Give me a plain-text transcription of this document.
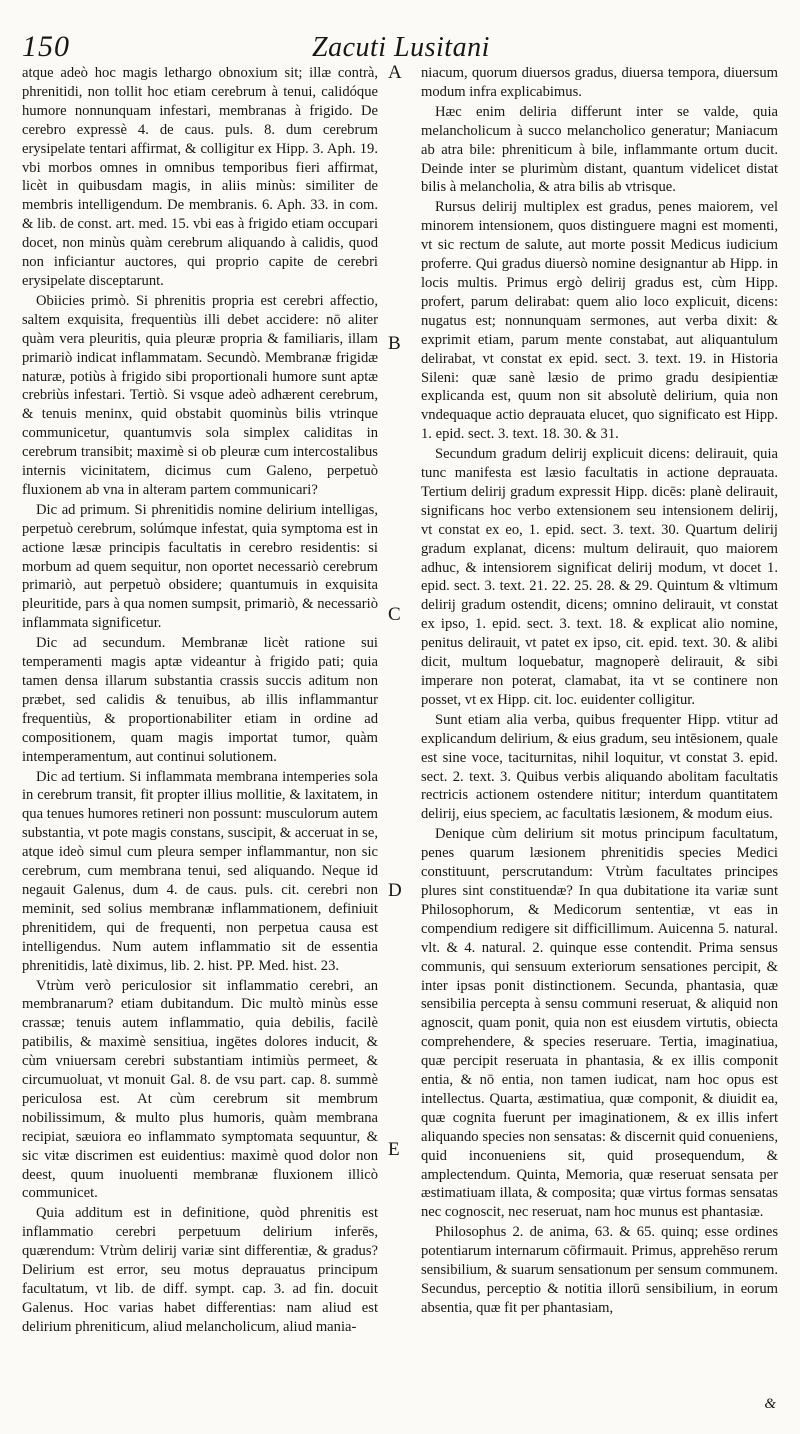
150	Zacuti Lusitani

atque adeò hoc magis lethargo obnoxium sit; illæ contrà, phrenitidi, non tollit hoc etiam cerebrum à tenui, calidóque humore nonnunquam infestari, membranas à frigido. De cerebro expressè 4. de caus. puls. 8. dum cerebrum erysipelate tentari affirmat, & colligitur ex Hipp. 3. Aph. 19. vbi morbos omnes in omnibus temporibus fieri affirmat, licèt in quibusdam magis, in aliis minùs: similiter de membris intelligendum. De membranis. 6. Aph. 33. in com. & lib. de const. art. med. 15. vbi eas à frigido etiam occupari docet, non minùs quàm cerebrum aliquando à calidis, quod non inficiantur auctores, qui proprio capite de cerebri erysipelate disceptarunt.

Obiicies primò. Si phrenitis propria est cerebri affectio, saltem exquisita, frequentiùs illi debet accidere: nō aliter quàm vera pleuritis, quia pleuræ propria & familiaris, illam primariò indicat inflammatam. Secundò. Membranæ frigidæ naturæ, potiùs à frigido sibi proportionali humore sunt aptæ crebriùs infestari. Tertiò. Si vsque adeò adhærent cerebrum, & tenuis meninx, quid obstabit quominùs bilis vtrinque communicetur, quantumvis sola simplex caliditas in cerebrum transibit; maximè si ob pleuræ cum intercostalibus internis vicinitatem, dicimus cum Galeno, perpetuò fluxionem ab vna in alteram partem communicari?

Dic ad primum. Si phrenitidis nomine delirium intelligas, perpetuò cerebrum, solúmque infestat, quia symptoma est in actione læsæ principis facultatis in cerebro residentis: si morbum ad quem sequitur, non oportet necessariò cerebrum primariò, aut perpetuò obsidere; quantumuis in exquisita pleuritide, pars à qua nomen sumpsit, primariò, & necessariò inflammata significetur.

Dic ad secundum. Membranæ licèt ratione sui temperamenti magis aptæ videantur à frigido pati; quia tamen densa illarum substantia crassis succis aditum non præbet, sed calidis & tenuibus, ab illis inflammantur frequentiùs, & proportionabiliter etiam in ordine ad compositionem, quam magis importat tumor, quàm intemperamentum, aut continui solutionem.

Dic ad tertium. Si inflammata membrana intemperies sola in cerebrum transit, fit propter illius mollitie, & laxitatem, in qua tenues humores retineri non possunt: musculorum autem substantia, vt pote magis constans, suscipit, & acceruat in se, atque ideò simul cum pleura semper inflammantur, non sic cerebrum, cum membrana tenui, sed aliquando. Neque id negauit Galenus, dum 4. de caus. puls. cit. cerebri non meminit, sed solius membranæ inflammationem, definiuit phrenitidem, qui de frequenti, non perpetua causa est intelligendus. Num autem inflammatio sit de essentia phrenitidis, latè diximus, lib. 2. hist. PP. Med. hist. 23.

Vtrùm verò periculosior sit inflammatio cerebri, an membranarum? etiam dubitandum. Dic multò minùs esse crassæ; tenuis autem inflammatio, quia debilis, facilè patibilis, & maximè sensitiua, ingētes dolores inducit, & cùm vniuersam cerebri substantiam intimiùs permeet, & circumuoluat, vt monuit Gal. 8. de vsu part. cap. 8. summè periculosa est. At cùm cerebrum sit membrum nobilissimum, & multo plus humoris, quàm membrana recipiat, sæuiora eo inflammato symptomata sequuntur, & sic vitæ discrimen est euidentius: maximè quod dolor non deest, quum inuoluenti membranæ fluxionem illicò communicet.

Quia additum est in definitione, quòd phrenitis est inflammatio cerebri perpetuum delirium inferēs, quærendum: Vtrùm delirij variæ sint differentiæ, & gradus? Delirium est error, seu motus deprauatus principum facultatum, vt lib. de diff. sympt. cap. 3. ad fin. docuit Galenus. Hoc varias habet differentias: nam aliud est delirium phreniticum, aliud melancholicum, aliud mania-

A
B
C
D
E

niacum, quorum diuersos gradus, diuersa tempora, diuersum modum infra explicabimus.

Hæc enim deliria differunt inter se valde, quia melancholicum à succo melancholico generatur; Maniacum ab atra bile: phreniticum à bile, inflammante ortum ducit. Deinde inter se plurimùm distant, quantum videlicet distat bilis à melancholia, & atra bilis ab vtrisque.

Rursus delirij multiplex est gradus, penes maiorem, vel minorem intensionem, quos distinguere magni est momenti, vt sic rectum de salute, aut morte possit Medicus iudicium proferre. Qui gradus diuersò nomine designantur ab Hipp. in locis multis. Primus ergò delirij gradus est, cùm Hipp. profert, parum delirabat: quem alio loco explicuit, dicens: nugatus est; nonnunquam sermones, aut verba dixit: & exprimit etiam, parum mente constabat, aut aliquantulum delirabat, vt constat ex epid. sect. 3. text. 19. in Historia Sileni: quæ sanè læsio de primo gradu desipientiæ explicanda est, quum non sit absolutè delirium, quia non vndequaque actio deprauata elucet, quo significato est Hipp. 1. epid. sect. 3. text. 18. 30. & 31.

Secundum gradum delirij explicuit dicens: delirauit, quia tunc manifesta est læsio facultatis in actione deprauata. Tertium delirij gradum expressit Hipp. dicēs: planè delirauit, significans hoc verbo extensionem seu intensionem delirij, vt constat ex eo, 1. epid. sect. 3. text. 30. Quartum delirij gradum explanat, dicens: multum delirauit, quo maiorem adhuc, & intensiorem significat delirij modum, vt docet 1. epid. sect. 3. text. 21. 22. 25. 28. & 29. Quintum & vltimum delirij gradum ostendit, dicens; omnino delirauit, vt constat ex ipso, 1. epid. sect. 3. text. 18. & explicat alio nomine, penitus delirauit, vt patet ex ipso, cit. epid. text. 30. & alibi dicit, multum loquebatur, magnoperè delirauit, & sibi imperare non poterat, clamabat, ita vt se continere non posset, vt ex Hipp. cit. loc. euidenter colligitur.

Sunt etiam alia verba, quibus frequenter Hipp. vtitur ad explicandum delirium, & eius gradum, seu intēsionem, quale est sine voce, taciturnitas, nihil loquitur, vt constat 3. epid. sect. 2. text. 3. Quibus verbis aliquando abolitam facultatis rectricis actionem ostendere nititur; interdum quantitatem delirij, eius speciem, ac facultatis læsionem, & modum eius.

Denique cùm delirium sit motus principum facultatum, penes quarum læsionem phrenitidis species Medici constituunt, perscrutandum: Vtrùm facultates principes plures sint constituendæ? In qua dubitatione ita variæ sunt Philosophorum, & Medicorum sententiæ, vt eas in compendium redigere sit difficillimum. Auicenna 5. natural. vlt. & 4. natural. 2. quinque esse contendit. Prima sensus communis, qui sensuum exteriorum sensationes percipit, & inter ipsas ponit distinctionem. Secunda, phantasia, quæ sensibilia percepta à sensu communi reseruat, & aliquid non agnoscit, quam ponit, quia non est eiusdem virtutis, obiecta comprehendere, & species reseruare. Tertia, imaginatiua, quæ percipit reseruata in phantasia, & ex illis componit entia, & nō entia, non tamen iudicat, nam hoc opus est intellectus. Quarta, æstimatiua, quæ componit, & diuidit ea, quæ cognita fuerunt per imaginationem, & ex illis infert aliquando species non sensatas: & discernit quid conueniens, quid inconueniens sit, quid prosequendum, & amplectendum. Quinta, Memoria, quæ reseruat sensata per æstimatiuam illata, & composita; quæ virtus formas sensatas nec cognoscit, nec reseruat, nam hoc munus est phantasiæ.

Philosophus 2. de anima, 63. & 65. quinq; esse ordines potentiarum internarum cōfirmauit. Primus, apprehēso rerum sensibilium, & suarum sensationum per sensum communem. Secundus, perceptio & notitia illorū sensibilium, in eorum absentia, quæ fit per phantasiam,

&
